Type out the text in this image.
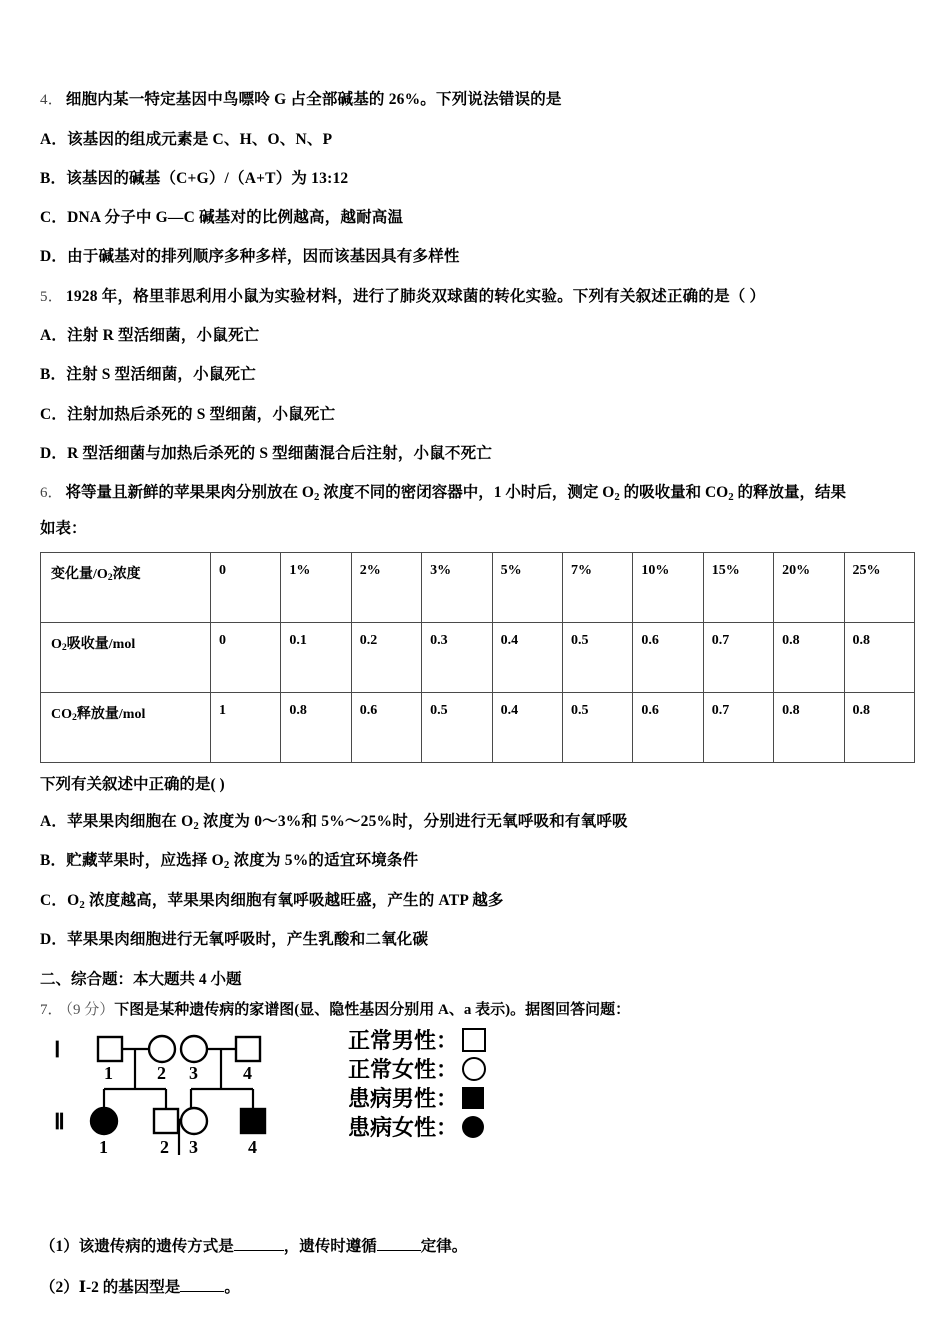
4． 细胞内某一特定基因中鸟嘌呤 G 占全部碱基的 26%。下列说法错误的是

A．该基因的组成元素是 C、H、O、N、P

B．该基因的碱基（C+G）/（A+T）为 13:12

C．DNA 分子中 G—C 碱基对的比例越高，越耐高温

D．由于碱基对的排列顺序多种多样，因而该基因具有多样性

5． 1928 年，格里菲思利用小鼠为实验材料，进行了肺炎双球菌的转化实验。下列有关叙述正确的是（ ）

A．注射 R 型活细菌，小鼠死亡

B．注射 S 型活细菌，小鼠死亡

C．注射加热后杀死的 S 型细菌，小鼠死亡

D．R 型活细菌与加热后杀死的 S 型细菌混合后注射，小鼠不死亡

6． 将等量且新鲜的苹果果肉分别放在 $O_2$ 浓度不同的密闭容器中，1 小时后，测定 $O_2$ 的吸收量和 $CO_2$ 的释放量，结果

如表：

变化量$/O_2$浓度	0	1%	2%	3%	5%	7%	10%	15%	20%	25%
$O_2$吸收量/mol	0	0.1	0.2	0.3	0.4	0.5	0.6	0.7	0.8	0.8
$CO_2$释放量/mol	1	0.8	0.6	0.5	0.4	0.5	0.6	0.7	0.8	0.8

下列有关叙述中正确的是( )

A．苹果果肉细胞在 $O_2$ 浓度为 0～3%和 5%～25%时，分别进行无氧呼吸和有氧呼吸

B．贮藏苹果时，应选择 $O_2$ 浓度为 5%的适宜环境条件

C．$O_2$ 浓度越高，苹果果肉细胞有氧呼吸越旺盛，产生的 ATP 越多

D．苹果果肉细胞进行无氧呼吸时，产生乳酸和二氧化碳

二、综合题：本大题共 4 小题

7． （9 分）下图是某种遗传病的家谱图(显、隐性基因分别用 A、a 表示)。据图回答问题：

Ⅰ
Ⅱ
1 2 3	4
1	2 3	4
正常男性：
正常女性：
患病男性：
患病女性：

（1）该遗传病的遗传方式是	，遗传时遵循	定律。

（2）Ⅰ-2 的基因型是	。
